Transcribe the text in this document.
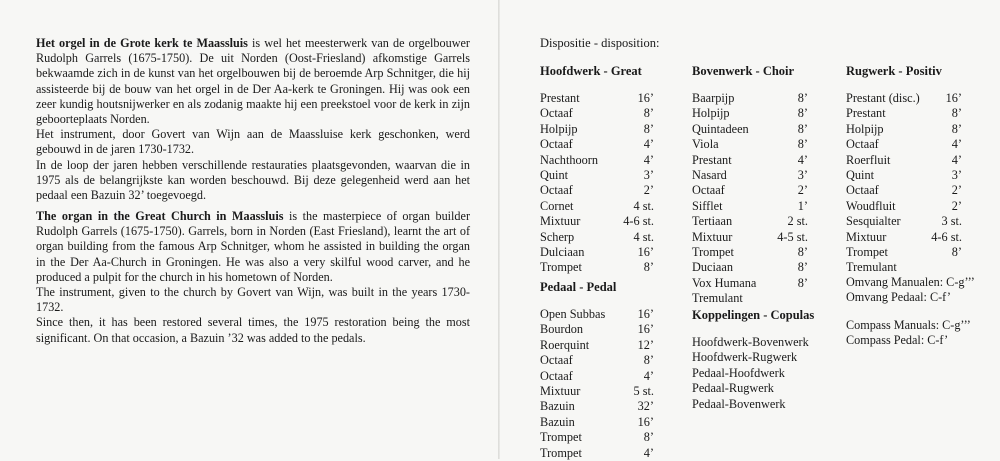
Het orgel in de Grote kerk te Maassluis is wel het meesterwerk van de orgelbouwer Rudolph Garrels (1675-1750). De uit Norden (Oost-Friesland) afkomstige Garrels bekwaamde zich in de kunst van het orgelbouwen bij de beroemde Arp Schnitger, die hij assisteerde bij de bouw van het orgel in de Der Aa-kerk te Groningen. Hij was ook een zeer kundig houtsnijwerker en als zodanig maakte hij een preekstoel voor de kerk in zijn geboorteplaats Norden.

Het instrument, door Govert van Wijn aan de Maassluise kerk geschonken, werd gebouwd in de jaren 1730-1732.

In de loop der jaren hebben verschillende restauraties plaatsgevonden, waarvan die in 1975 als de belangrijkste kan worden beschouwd. Bij deze gelegenheid werd aan het pedaal een Bazuin 32’ toegevoegd.

The organ in the Great Church in Maassluis is the masterpiece of organ builder Rudolph Garrels (1675-1750). Garrels, born in Norden (East Friesland), learnt the art of organ building from the famous Arp Schnitger, whom he assisted in building the organ in the Der Aa-Church in Groningen. He was also a very skilful wood carver, and he produced a pulpit for the church in his hometown of Norden.

The instrument, given to the church by Govert van Wijn, was built in the years 1730-1732.

Since then, it has been restored several times, the 1975 restoration being the most significant. On that occasion, a Bazuin ’32 was added to the pedals.

Dispositie - disposition:
Hoofdwerk - Great
Prestant	16’
Octaaf	8’
Holpijp	8’
Octaaf	4’
Nachthoorn	4’
Quint	3’
Octaaf	2’
Cornet	4 st.
Mixtuur	4-6 st.
Scherp	4 st.
Dulciaan	16’
Trompet	8’
Pedaal - Pedal
Open Subbas	16’
Bourdon	16’
Roerquint	12’
Octaaf	8’
Octaaf	4’
Mixtuur	5 st.
Bazuin	32’
Bazuin	16’
Trompet	8’
Trompet	4’
Bovenwerk - Choir
Baarpijp	8’
Holpijp	8’
Quintadeen	8’
Viola	8’
Prestant	4’
Nasard	3’
Octaaf	2’
Sifflet	1’
Tertiaan	2 st.
Mixtuur	4-5 st.
Trompet	8’
Duciaan	8’
Vox Humana	8’
Tremulant
Koppelingen - Copulas
Hoofdwerk-Bovenwerk
Hoofdwerk-Rugwerk
Pedaal-Hoofdwerk
Pedaal-Rugwerk
Pedaal-Bovenwerk
Rugwerk - Positiv
Prestant (disc.) 16’
Prestant	8’
Holpijp	8’
Octaaf	4’
Roerfluit	4’
Quint	3’
Octaaf	2’
Woudfluit	2’
Sesquialter	3 st.
Mixtuur	4-6 st.
Trompet	8’
Tremulant
Omvang Manualen: C-g’’’
Omvang Pedaal: C-f’
Compass Manuals: C-g’’’
Compass Pedal: C-f’
